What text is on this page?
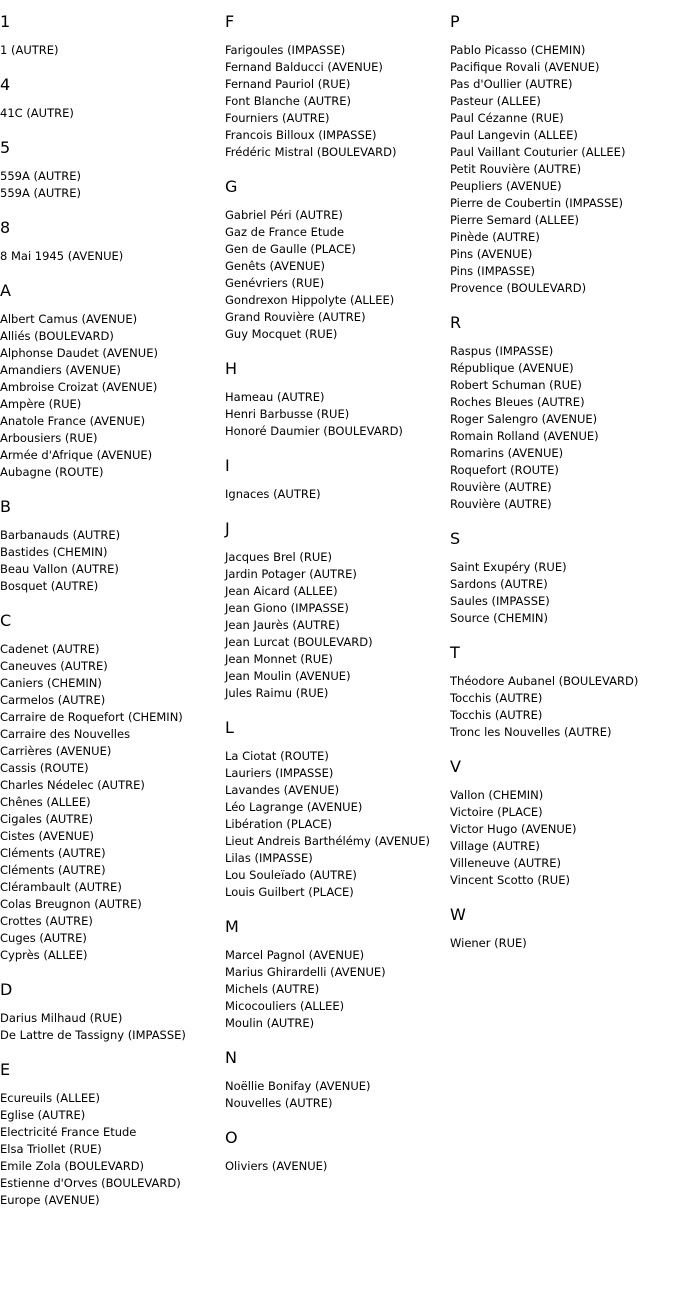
1
1 (AUTRE)
4
41C (AUTRE)
5
559A (AUTRE)
559A (AUTRE)
8
8 Mai 1945 (AVENUE)
A
Albert Camus (AVENUE)
Alliés (BOULEVARD)
Alphonse Daudet (AVENUE)
Amandiers (AVENUE)
Ambroise Croizat (AVENUE)
Ampère (RUE)
Anatole France (AVENUE)
Arbousiers (RUE)
Armée d'Afrique (AVENUE)
Aubagne (ROUTE)
B
Barbanauds (AUTRE)
Bastides (CHEMIN)
Beau Vallon (AUTRE)
Bosquet (AUTRE)
C
Cadenet (AUTRE)
Caneuves (AUTRE)
Caniers (CHEMIN)
Carmelos (AUTRE)
Carraire de Roquefort (CHEMIN)
Carraire des Nouvelles
Carrières (AVENUE)
Cassis (ROUTE)
Charles Nédelec (AUTRE)
Chênes (ALLEE)
Cigales (AUTRE)
Cistes (AVENUE)
Cléments (AUTRE)
Cléments (AUTRE)
Clérambault (AUTRE)
Colas Breugnon (AUTRE)
Crottes (AUTRE)
Cuges (AUTRE)
Cyprès (ALLEE)
D
Darius Milhaud (RUE)
De Lattre de Tassigny (IMPASSE)
E
Ecureuils (ALLEE)
Eglise (AUTRE)
Electricité France Etude
Elsa Triollet (RUE)
Emile Zola (BOULEVARD)
Estienne d'Orves (BOULEVARD)
Europe (AVENUE)
F
Farigoules (IMPASSE)
Fernand Balducci (AVENUE)
Fernand Pauriol (RUE)
Font Blanche (AUTRE)
Fourniers (AUTRE)
Francois Billoux (IMPASSE)
Frédéric Mistral (BOULEVARD)
G
Gabriel Péri (AUTRE)
Gaz de France Etude
Gen de Gaulle (PLACE)
Genêts (AVENUE)
Genévriers (RUE)
Gondrexon Hippolyte (ALLEE)
Grand Rouvière (AUTRE)
Guy Mocquet (RUE)
H
Hameau (AUTRE)
Henri Barbusse (RUE)
Honoré Daumier (BOULEVARD)
I
Ignaces (AUTRE)
J
Jacques Brel (RUE)
Jardin Potager (AUTRE)
Jean Aicard (ALLEE)
Jean Giono (IMPASSE)
Jean Jaurès (AUTRE)
Jean Lurcat (BOULEVARD)
Jean Monnet (RUE)
Jean Moulin (AVENUE)
Jules Raimu (RUE)
L
La Ciotat (ROUTE)
Lauriers (IMPASSE)
Lavandes (AVENUE)
Léo Lagrange (AVENUE)
Libération (PLACE)
Lieut Andreis Barthélémy (AVENUE)
Lilas (IMPASSE)
Lou Souleïado (AUTRE)
Louis Guilbert (PLACE)
M
Marcel Pagnol (AVENUE)
Marius Ghirardelli (AVENUE)
Michels (AUTRE)
Micocouliers (ALLEE)
Moulin (AUTRE)
N
Noëllie Bonifay (AVENUE)
Nouvelles (AUTRE)
O
Oliviers (AVENUE)
P
Pablo Picasso (CHEMIN)
Pacifique Rovali (AVENUE)
Pas d'Oullier (AUTRE)
Pasteur (ALLEE)
Paul Cézanne (RUE)
Paul Langevin (ALLEE)
Paul Vaillant Couturier (ALLEE)
Petit Rouvière (AUTRE)
Peupliers (AVENUE)
Pierre de Coubertin (IMPASSE)
Pierre Semard (ALLEE)
Pinède (AUTRE)
Pins (AVENUE)
Pins (IMPASSE)
Provence (BOULEVARD)
R
Raspus (IMPASSE)
République (AVENUE)
Robert Schuman (RUE)
Roches Bleues (AUTRE)
Roger Salengro (AVENUE)
Romain Rolland (AVENUE)
Romarins (AVENUE)
Roquefort (ROUTE)
Rouvière (AUTRE)
Rouvière (AUTRE)
S
Saint Exupéry (RUE)
Sardons (AUTRE)
Saules (IMPASSE)
Source (CHEMIN)
T
Théodore Aubanel (BOULEVARD)
Tocchis (AUTRE)
Tocchis (AUTRE)
Tronc les Nouvelles (AUTRE)
V
Vallon (CHEMIN)
Victoire (PLACE)
Victor Hugo (AVENUE)
Village (AUTRE)
Villeneuve (AUTRE)
Vincent Scotto (RUE)
W
Wiener (RUE)
